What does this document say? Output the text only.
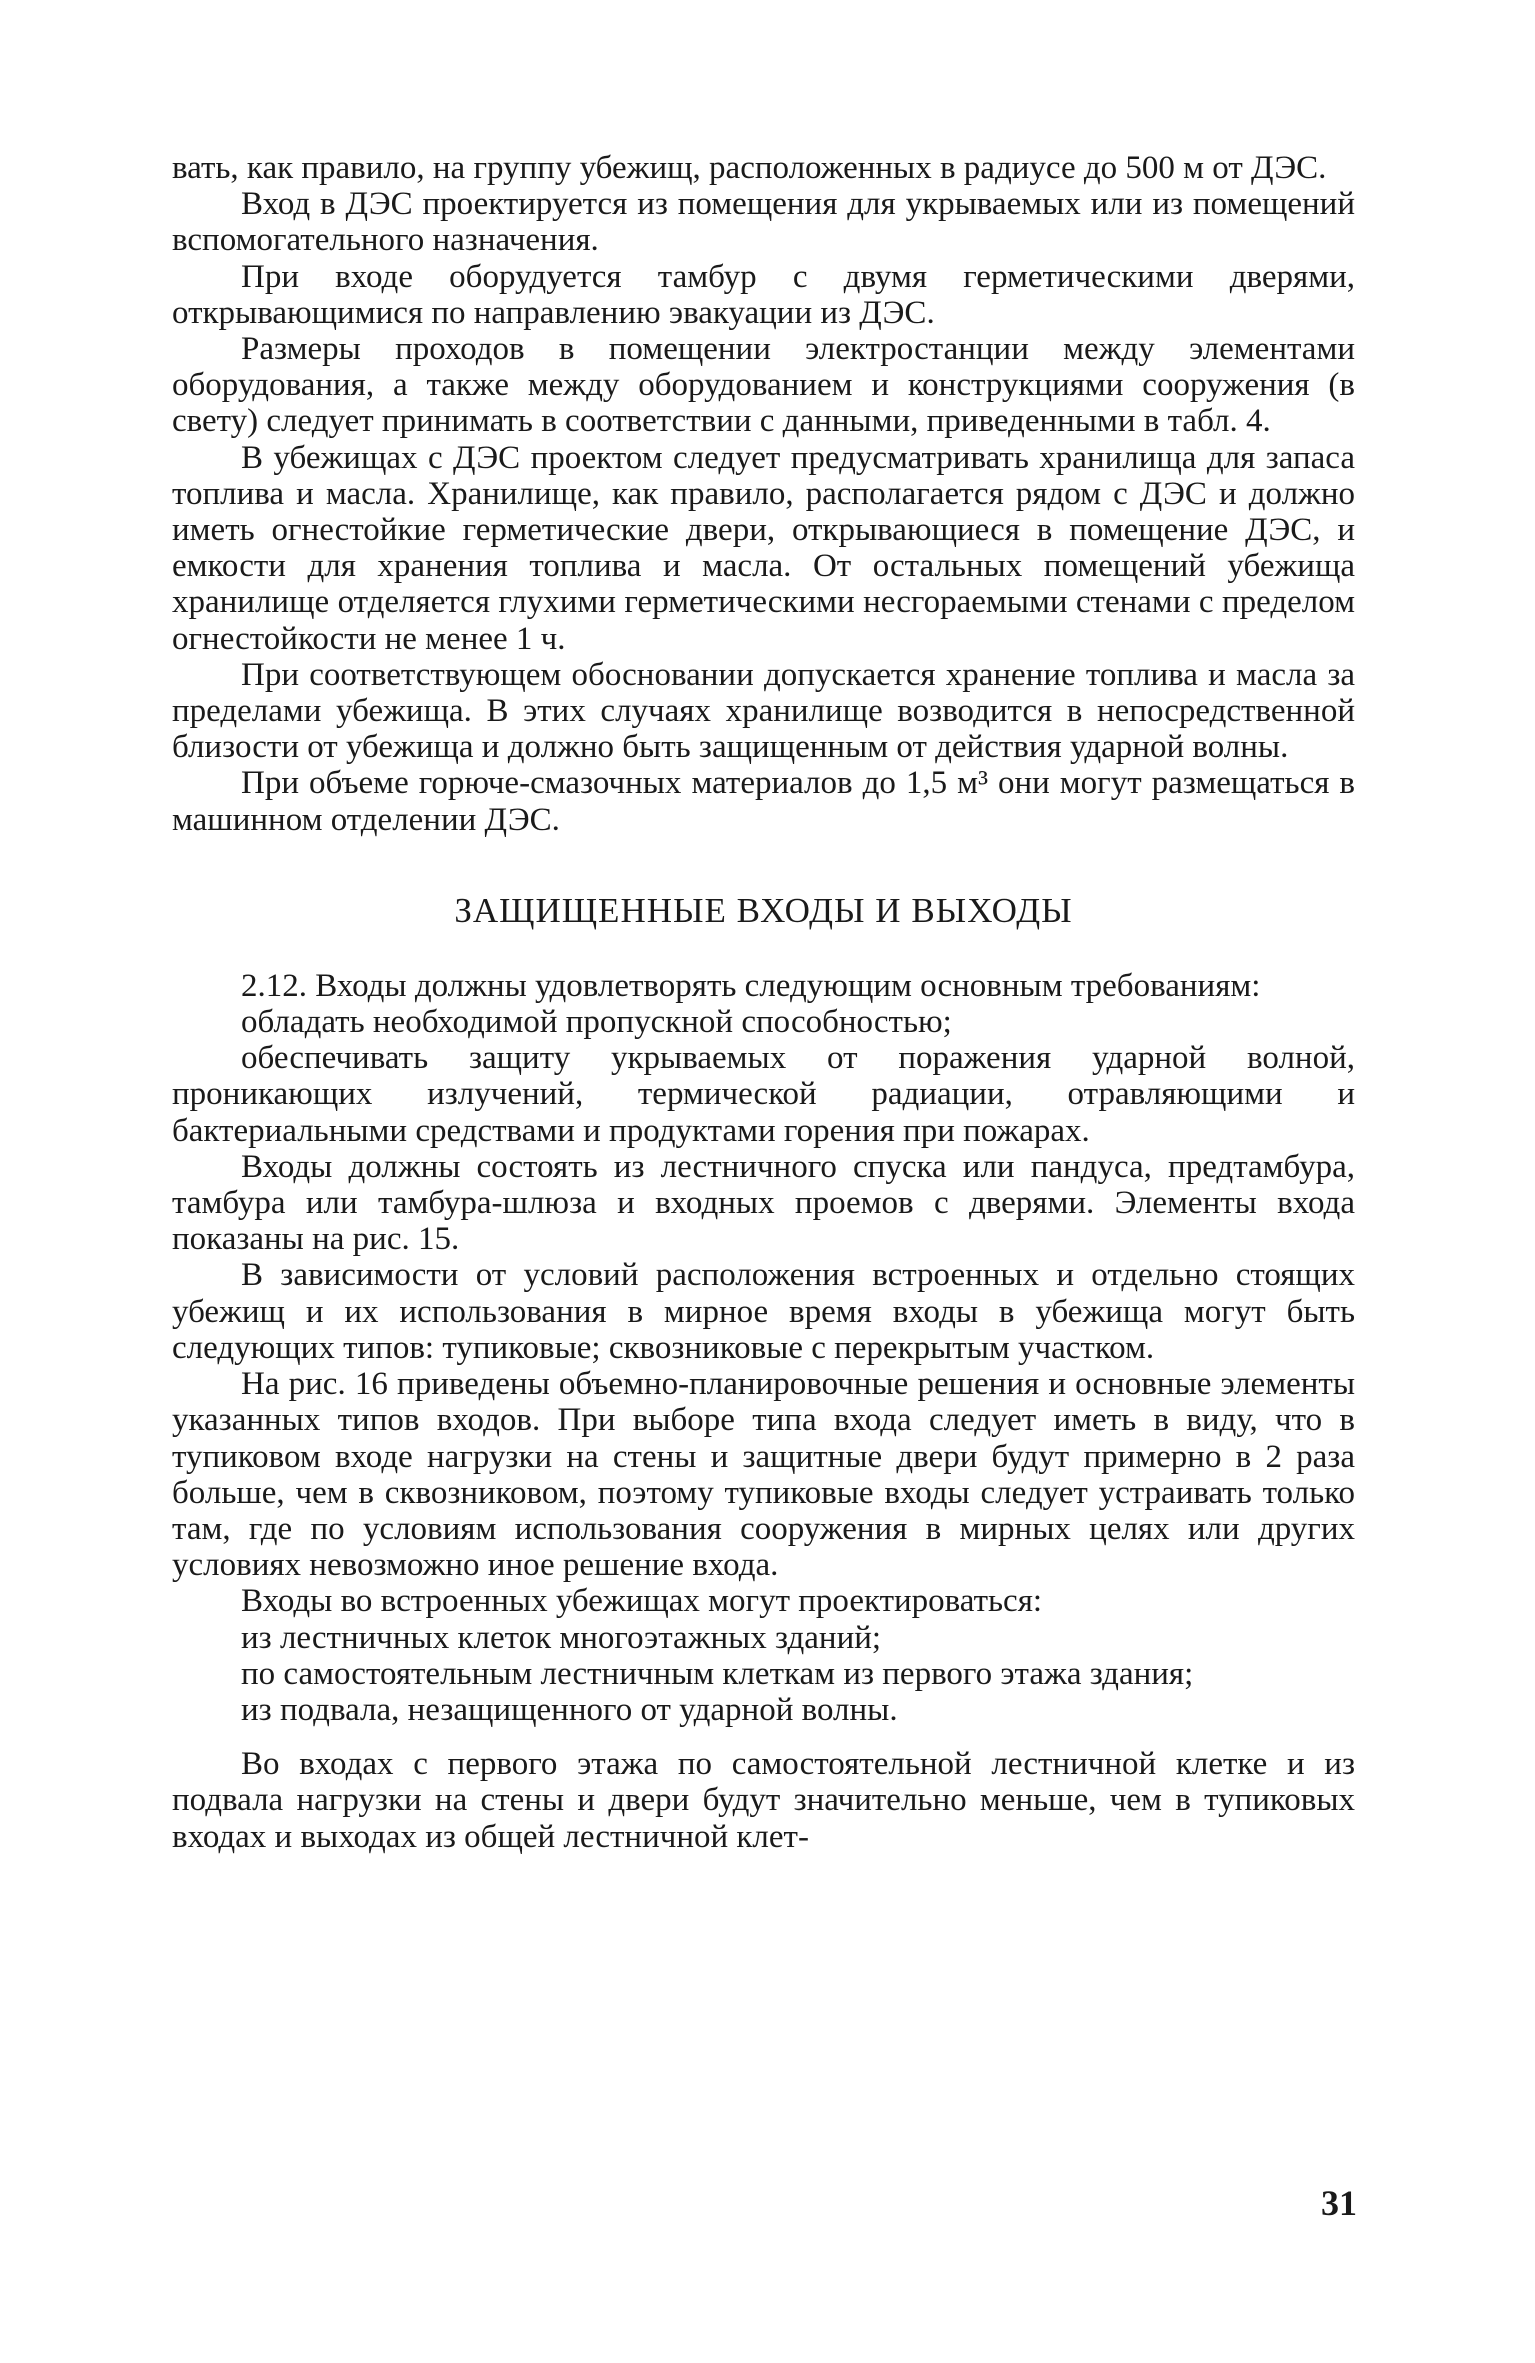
вать, как правило, на группу убежищ, расположенных в радиусе до 500 м от ДЭС.

Вход в ДЭС проектируется из помещения для укрываемых или из помещений вспомогательного назначения.

При входе оборудуется тамбур с двумя герметическими дверями, открывающимися по направлению эвакуации из ДЭС.

Размеры проходов в помещении электростанции между элементами оборудования, а также между оборудованием и конструкциями сооружения (в свету) следует принимать в соответствии с данными, приведенными в табл. 4.

В убежищах с ДЭС проектом следует предусматривать хранилища для запаса топлива и масла. Хранилище, как правило, располагается рядом с ДЭС и должно иметь огнестойкие герметические двери, открывающиеся в помещение ДЭС, и емкости для хранения топлива и масла. От остальных помещений убежища хранилище отделяется глухими герметическими несгораемыми стенами с пределом огнестойкости не менее 1 ч.

При соответствующем обосновании допускается хранение топлива и масла за пределами убежища. В этих случаях хранилище возводится в непосредственной близости от убежища и должно быть защищенным от действия ударной волны.

При объеме горюче-смазочных материалов до 1,5 м³ они могут размещаться в машинном отделении ДЭС.

ЗАЩИЩЕННЫЕ ВХОДЫ И ВЫХОДЫ

2.12. Входы должны удовлетворять следующим основным требованиям:

обладать необходимой пропускной способностью;

обеспечивать защиту укрываемых от поражения ударной волной, проникающих излучений, термической радиации, отравляющими и бактериальными средствами и продуктами горения при пожарах.

Входы должны состоять из лестничного спуска или пандуса, предтамбура, тамбура или тамбура-шлюза и входных проемов с дверями. Элементы входа показаны на рис. 15.

В зависимости от условий расположения встроенных и отдельно стоящих убежищ и их использования в мирное время входы в убежища могут быть следующих типов: тупиковые; сквозниковые с перекрытым участком.

На рис. 16 приведены объемно-планировочные решения и основные элементы указанных типов входов. При выборе типа входа следует иметь в виду, что в тупиковом входе нагрузки на стены и защитные двери будут примерно в 2 раза больше, чем в сквозниковом, поэтому тупиковые входы следует устраивать только там, где по условиям использования сооружения в мирных целях или других условиях невозможно иное решение входа.

Входы во встроенных убежищах могут проектироваться:

из лестничных клеток многоэтажных зданий;

по самостоятельным лестничным клеткам из первого этажа здания;

из подвала, незащищенного от ударной волны.

Во входах с первого этажа по самостоятельной лестничной клетке и из подвала нагрузки на стены и двери будут значительно меньше, чем в тупиковых входах и выходах из общей лестничной клет-

31
